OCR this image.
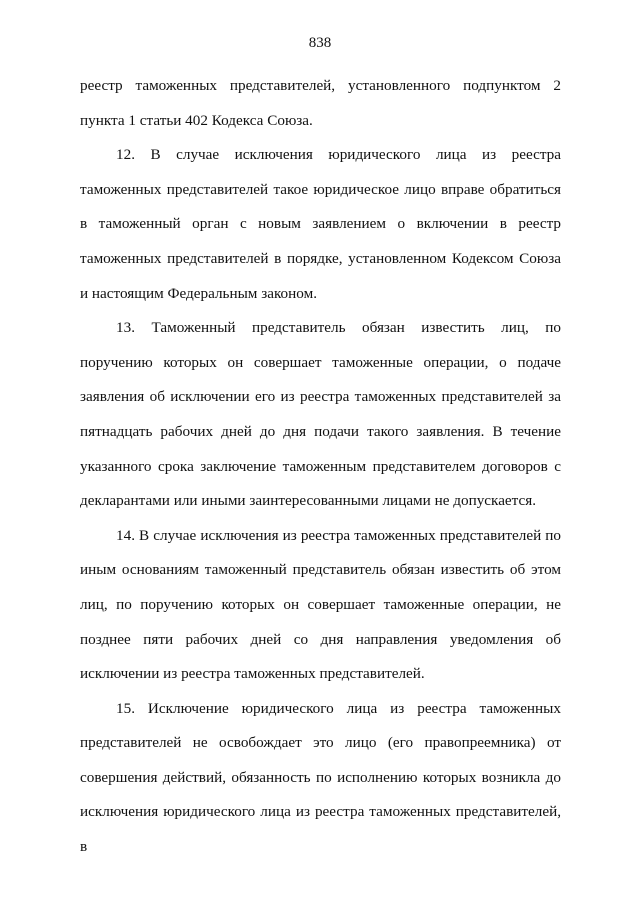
838

реестр таможенных представителей, установленного подпунктом 2 пункта 1 статьи 402 Кодекса Союза.

12. В случае исключения юридического лица из реестра таможенных представителей такое юридическое лицо вправе обратиться в таможенный орган с новым заявлением о включении в реестр таможенных представителей в порядке, установленном Кодексом Союза и настоящим Федеральным законом.

13. Таможенный представитель обязан известить лиц, по поручению которых он совершает таможенные операции, о подаче заявления об исключении его из реестра таможенных представителей за пятнадцать рабочих дней до дня подачи такого заявления. В течение указанного срока заключение таможенным представителем договоров с декларантами или иными заинтересованными лицами не допускается.

14. В случае исключения из реестра таможенных представителей по иным основаниям таможенный представитель обязан известить об этом лиц, по поручению которых он совершает таможенные операции, не позднее пяти рабочих дней со дня направления уведомления об исключении из реестра таможенных представителей.

15. Исключение юридического лица из реестра таможенных представителей не освобождает это лицо (его правопреемника) от совершения действий, обязанность по исполнению которых возникла до исключения юридического лица из реестра таможенных представителей, в
